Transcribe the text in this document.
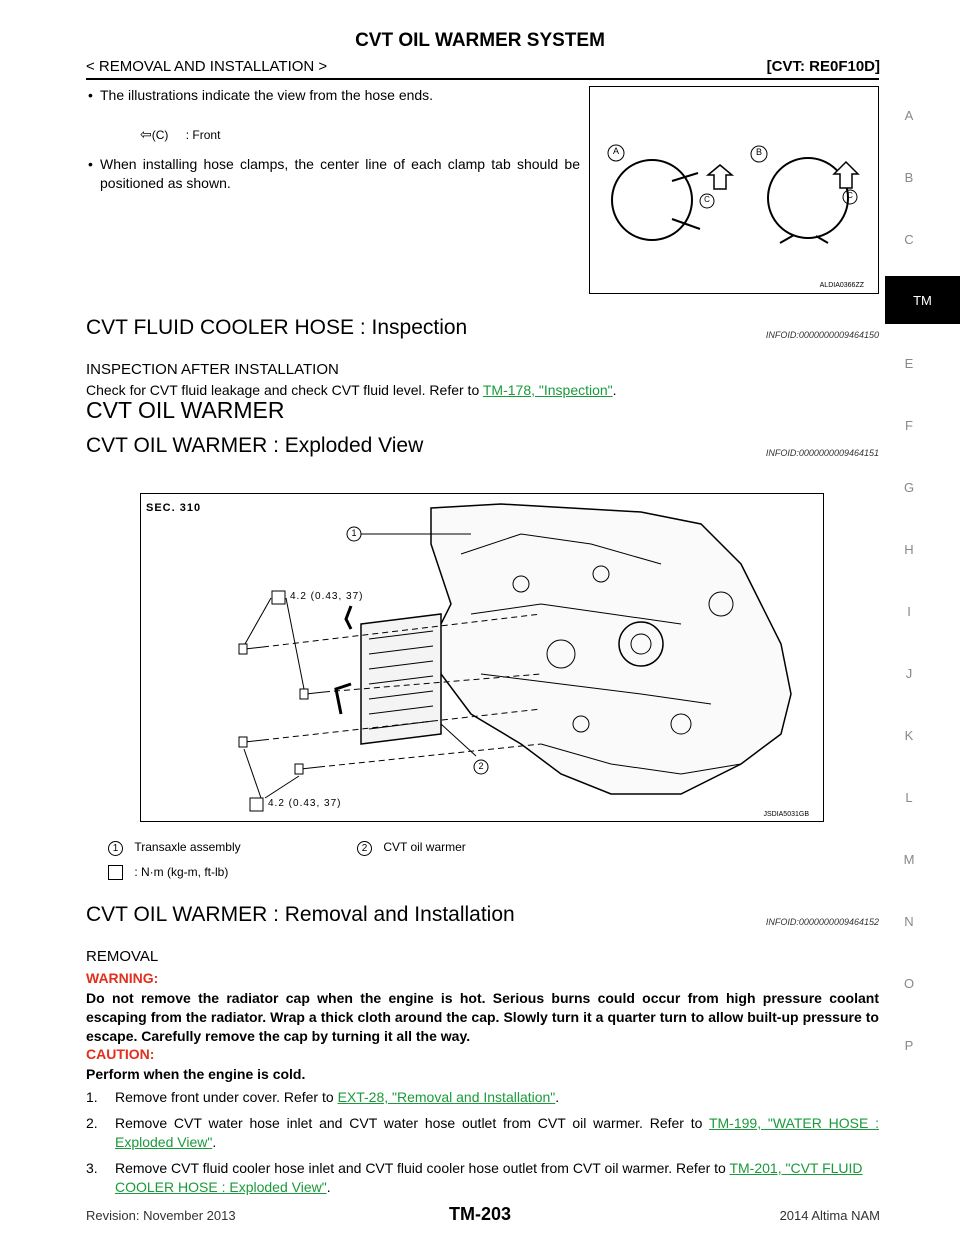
CVT OIL WARMER SYSTEM
< REMOVAL AND INSTALLATION >	[CVT: RE0F10D]
A
B
C
TM
E
F
G
H
I
J
K
L
M
N
O
P
• The illustrations indicate the view from the hose ends.
⇦(C) : Front
• When installing hose clamps, the center line of each clamp tab should be positioned as shown.
A	B
C	C
ALDIA0366ZZ
CVT FLUID COOLER HOSE : Inspection	INFOID:0000000009464150
INSPECTION AFTER INSTALLATION
Check for CVT fluid leakage and check CVT fluid level. Refer to TM-178, "Inspection".
CVT OIL WARMER
CVT OIL WARMER : Exploded View	INFOID:0000000009464151
SEC. 310
4.2 (0.43, 37)
4.2 (0.43, 37)
1
2
JSDIA5031GB
1 Transaxle assembly	2 CVT oil warmer
: N·m (kg-m, ft-lb)
CVT OIL WARMER : Removal and Installation	INFOID:0000000009464152
REMOVAL
WARNING:
Do not remove the radiator cap when the engine is hot. Serious burns could occur from high pressure coolant escaping from the radiator. Wrap a thick cloth around the cap. Slowly turn it a quarter turn to allow built-up pressure to escape. Carefully remove the cap by turning it all the way.
CAUTION:
Perform when the engine is cold.
1. Remove front under cover. Refer to EXT-28, "Removal and Installation".
2. Remove CVT water hose inlet and CVT water hose outlet from CVT oil warmer. Refer to TM-199, "WATER HOSE : Exploded View".
3. Remove CVT fluid cooler hose inlet and CVT fluid cooler hose outlet from CVT oil warmer. Refer to TM-201, "CVT FLUID COOLER HOSE : Exploded View".
Revision: November 2013	TM-203	2014 Altima NAM
